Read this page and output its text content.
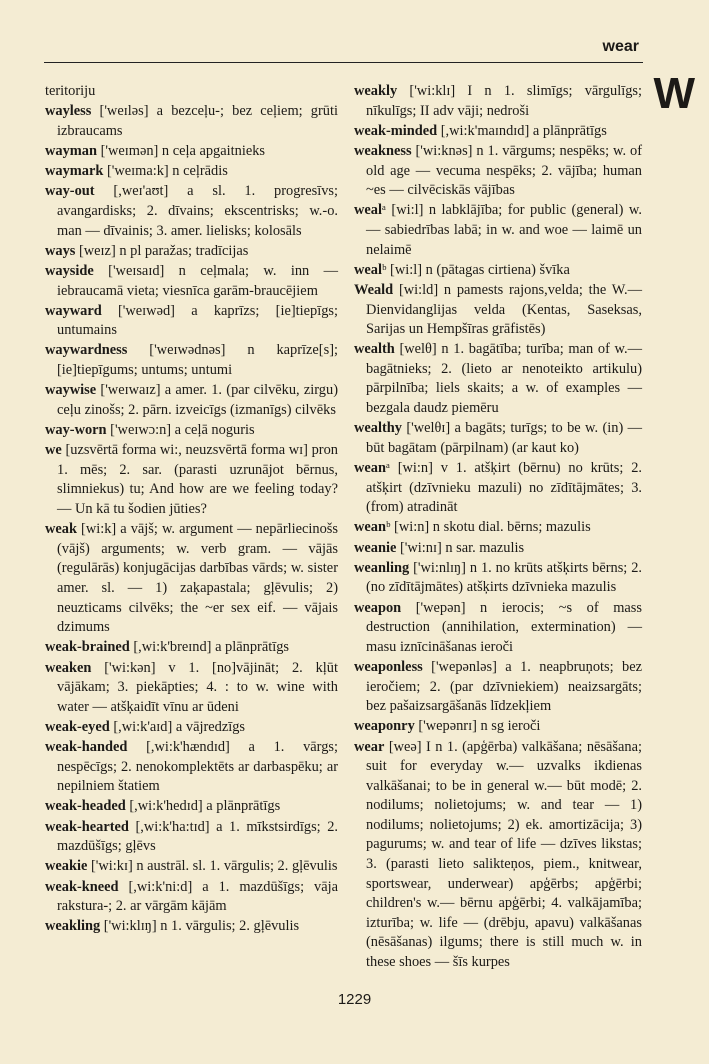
wear
W

teritoriju

wayless ['weɪləs] a bezceļu-; bez ceļiem; grūti izbraucams

wayman ['weɪmən] n ceļa apgaitnieks

waymark ['weɪma:k] n ceļrādis

way-out [,weɪ'aʊt] a sl. 1. progresīvs; avangardisks; 2. dīvains; ekscentrisks; w.-o. man — dīvainis; 3. amer. lielisks; kolosāls

ways [weɪz] n pl paražas; tradīcijas

wayside ['weɪsaɪd] n ceļmala; w. inn — iebraucamā vieta; viesnīca garām-braucējiem

wayward ['weɪwəd] a kaprīzs; [ie]tiepīgs; untumains

waywardness ['weɪwədnəs] n kaprīze[s]; [ie]tiepīgums; untums; untumi

waywise ['weɪwaɪz] a amer. 1. (par cilvēku, zirgu) ceļu zinošs; 2. pārn. izveicīgs (izmanīgs) cilvēks

way-worn ['weɪwɔ:n] a ceļā noguris

we [uzsvērtā forma wi:, neuzsvērtā forma wɪ] pron 1. mēs; 2. sar. (parasti uzrunājot bērnus, slimniekus) tu; And how are we feeling today? — Un kā tu šodien jūties?

weak [wi:k] a vājš; w. argument — nepārliecinošs (vājš) arguments; w. verb gram. — vājās (regulārās) konjugācijas darbības vārds; w. sister amer. sl. — 1) zaķapastala; gļēvulis; 2) neuzticams cilvēks; the ~er sex eif. — vājais dzimums

weak-brained [,wi:k'breɪnd] a plānprātīgs

weaken ['wi:kən] v 1. [no]vājināt; 2. kļūt vājākam; 3. piekāpties; 4. : to w. wine with water — atšķaidīt vīnu ar ūdeni

weak-eyed [,wi:k'aɪd] a vājredzīgs

weak-handed [,wi:k'hændɪd] a 1. vārgs; nespēcīgs; 2. nenokomplektēts ar darbaspēku; ar nepilniem štatiem

weak-headed [,wi:k'hedɪd] a plānprātīgs

weak-hearted [,wi:k'ha:tɪd] a 1. mīkstsirdīgs; 2. mazdūšīgs; gļēvs

weakie ['wi:kɪ] n austrāl. sl. 1. vārgulis; 2. gļēvulis

weak-kneed [,wi:k'ni:d] a 1. mazdūšīgs; vāja rakstura-; 2. ar vārgām kājām

weakling ['wi:klɪŋ] n 1. vārgulis; 2. gļēvulis

weakly ['wi:klɪ] I n 1. slimīgs; vārgulīgs; nīkulīgs; II adv vāji; nedroši

weak-minded [,wi:k'maɪndɪd] a plānprātīgs

weakness ['wi:knəs] n 1. vārgums; nespēks; w. of old age — vecuma nespēks; 2. vājība; human ~es — cilvēciskās vājības

wealᵃ [wi:l] n labklājība; for public (general) w.— sabiedrības labā; in w. and woe — laimē un nelaimē

wealᵇ [wi:l] n (pātagas cirtiena) švīka

Weald [wi:ld] n pamests rajons,velda; the W.— Dienvidanglijas velda (Kentas, Saseksas, Sarijas un Hempšīras grāfistēs)

wealth [welθ] n 1. bagātība; turība; man of w.— bagātnieks; 2. (lieto ar nenoteikto artikulu) pārpilnība; liels skaits; a w. of examples — bezgala daudz piemēru

wealthy ['welθɪ] a bagāts; turīgs; to be w. (in) — būt bagātam (pārpilnam) (ar kaut ko)

weanᵃ [wi:n] v 1. atšķirt (bērnu) no krūts; 2. atšķirt (dzīvnieku mazuli) no zīdītājmātes; 3. (from) atradināt

weanᵇ [wi:n] n skotu dial. bērns; mazulis

weanie ['wi:nɪ] n sar. mazulis

weanling ['wi:nlɪŋ] n 1. no krūts atšķirts bērns; 2. (no zīdītājmātes) atšķirts dzīvnieka mazulis

weapon ['wepən] n ierocis; ~s of mass destruction (annihilation, extermination) — masu iznīcināšanas ieroči

weaponless ['wepənləs] a 1. neapbruņots; bez ieročiem; 2. (par dzīvniekiem) neaizsargāts; bez pašaizsargāšanās līdzekļiem

weaponry ['wepənrɪ] n sg ieroči

wear [weə] I n 1. (apģērba) valkāšana; nēsāšana; suit for everyday w.— uzvalks ikdienas valkāšanai; to be in general w.— būt modē; 2. nodilums; nolietojums; w. and tear — 1) nodilums; nolietojums; 2) ek. amortizācija; 3) pagurums; w. and tear of life — dzīves likstas; 3. (parasti lieto salikteņos, piem., knitwear, sportswear, underwear) apģērbs; apģērbi; children's w.— bērnu apģērbi; 4. valkājamība; izturība; w. life — (drēbju, apavu) valkāšanas (nēsāšanas) ilgums; there is still much w. in these shoes — šīs kurpes

1229
